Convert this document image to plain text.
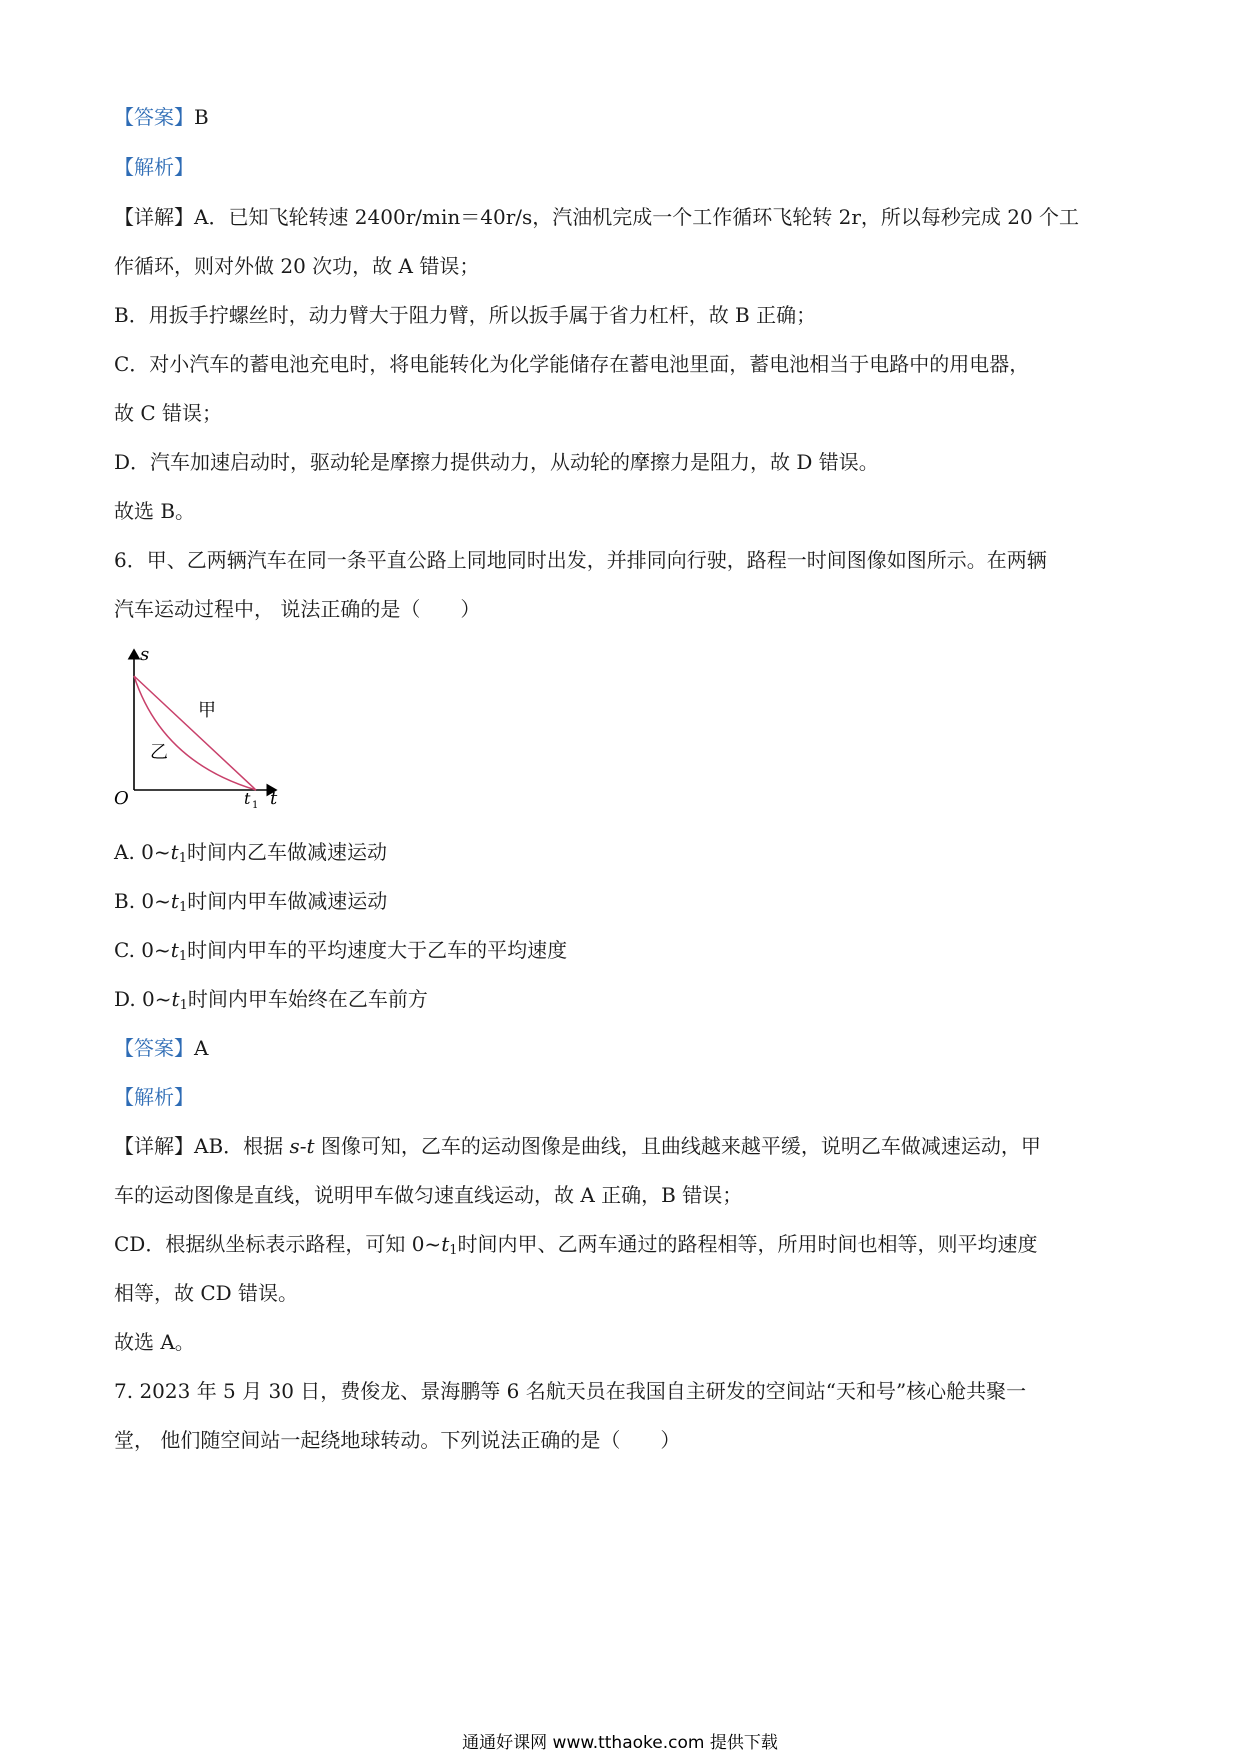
【答案】B
【解析】
【详解】A．已知飞轮转速 2400r/min＝40r/s，汽油机完成一个工作循环飞轮转 2r，所以每秒完成 20 个工
作循环，则对外做 20 次功，故 A 错误；
B．用扳手拧螺丝时，动力臂大于阻力臂，所以扳手属于省力杠杆，故 B 正确；
C．对小汽车的蓄电池充电时，将电能转化为化学能储存在蓄电池里面，蓄电池相当于电路中的用电器，
故 C 错误；
D．汽车加速启动时，驱动轮是摩擦力提供动力，从动轮的摩擦力是阻力，故 D 错误。
故选 B。
6．甲、乙两辆汽车在同一条平直公路上同地同时出发，并排同向行驶，路程一时间图像如图所示。在两辆
汽车运动过程中， 说法正确的是（　　）
s
t
O	t 1
甲
乙
A. $0\sim t_1$时间内乙车做减速运动
B. $0\sim t_1$时间内甲车做减速运动
C. $0\sim t_1$时间内甲车的平均速度大于乙车的平均速度
D. $0\sim t_1$时间内甲车始终在乙车前方
【答案】A
【解析】
【详解】AB．根据 s-t 图像可知，乙车的运动图像是曲线，且曲线越来越平缓，说明乙车做减速运动，甲
车的运动图像是直线，说明甲车做匀速直线运动，故 A 正确，B 错误；
CD．根据纵坐标表示路程，可知 $0\sim t_1$时间内甲、乙两车通过的路程相等，所用时间也相等，则平均速度
相等，故 CD 错误。
故选 A。
7. 2023 年 5 月 30 日，费俊龙、景海鹏等 6 名航天员在我国自主研发的空间站“天和号”核心舱共聚一
堂， 他们随空间站一起绕地球转动。下列说法正确的是（　　）
通通好课网 www.tthaoke.com 提供下载
